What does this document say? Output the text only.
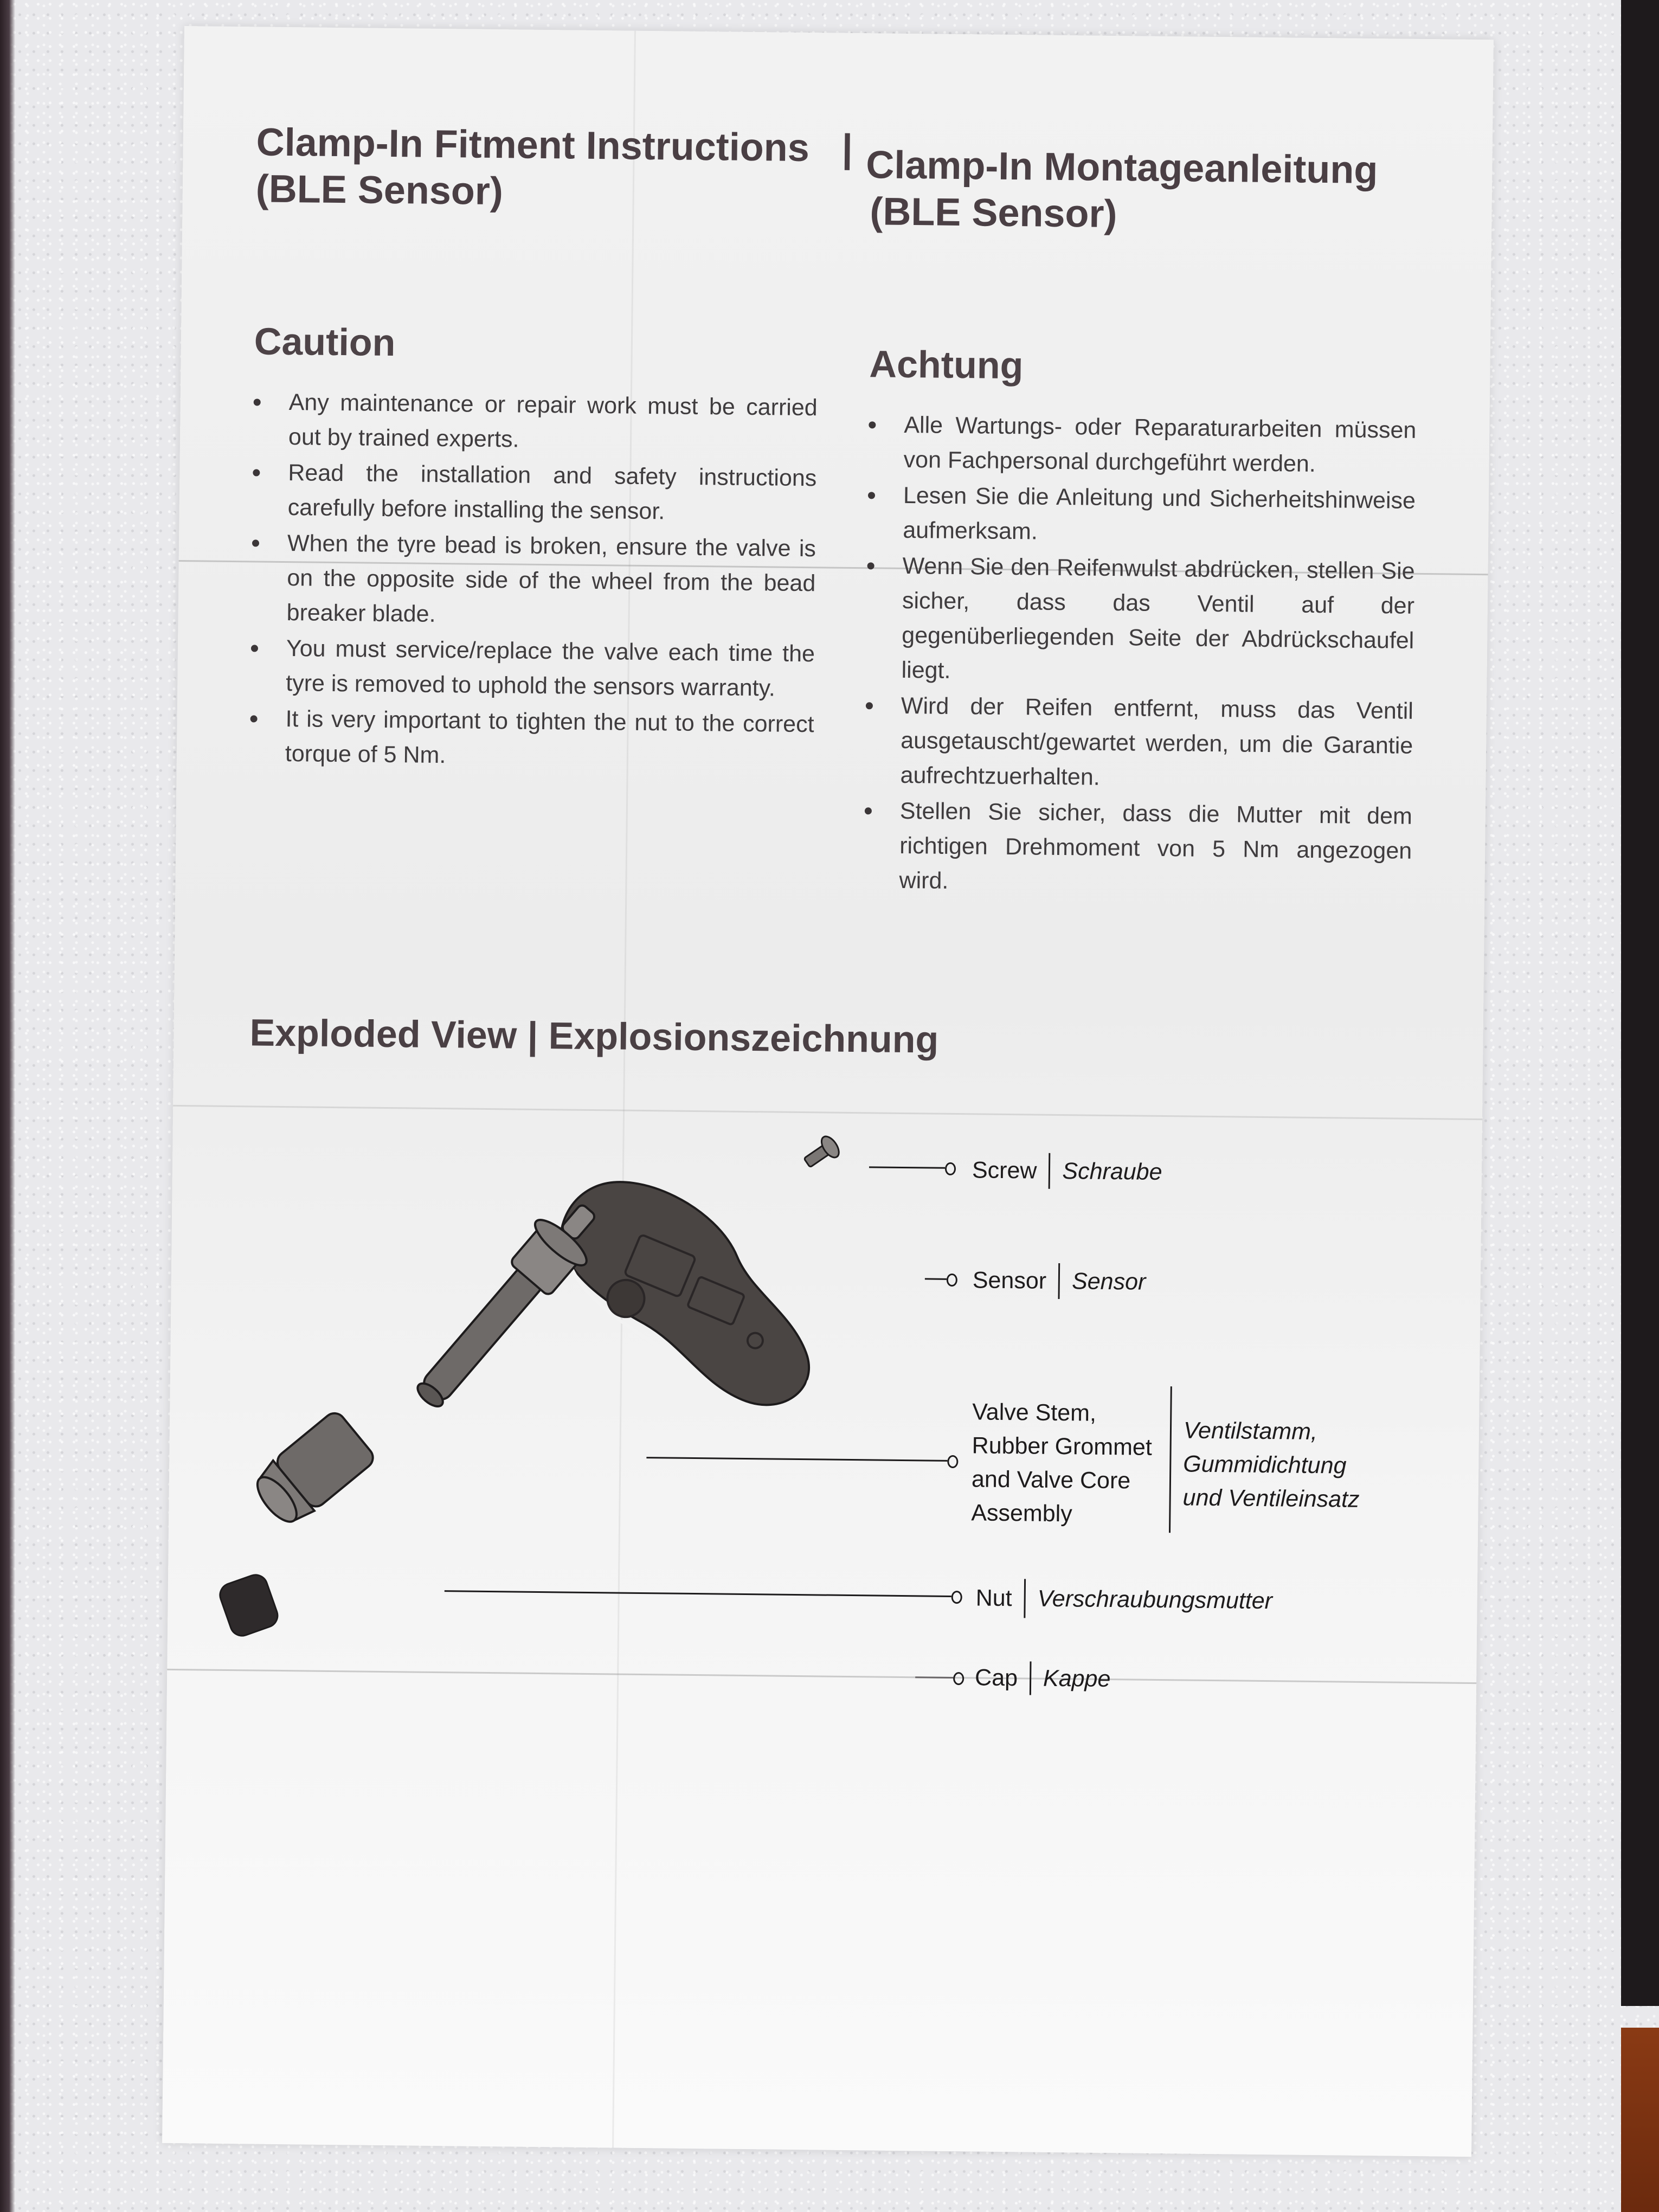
Clamp-In Fitment Instructions
(BLE Sensor)
| Clamp-In Montageanleitung
(BLE Sensor)
Caution
Any maintenance or repair work must be carried out by trained experts.
Read the installation and safety instructions carefully before installing the sensor.
When the tyre bead is broken, ensure the valve is on the opposite side of the wheel from the bead breaker blade.
You must service/replace the valve each time the tyre is removed to uphold the sensors warranty.
It is very important to tighten the nut to the correct torque of 5 Nm.
Achtung
Alle Wartungs- oder Reparaturarbeiten müssen von Fachpersonal durchgeführt werden.
Lesen Sie die Anleitung und Sicherheitshinweise aufmerksam.
Wenn Sie den Reifenwulst abdrücken, stellen Sie sicher, dass das Ventil auf der gegenüberliegenden Seite der Abdrückschaufel liegt.
Wird der Reifen entfernt, muss das Ventil ausgetauscht/gewartet werden, um die Garantie aufrechtzuerhalten.
Stellen Sie sicher, dass die Mutter mit dem richtigen Drehmoment von 5 Nm angezogen wird.
Exploded View | Explosionszeichnung
Screw Schraube
Sensor Sensor
Valve Stem,
Rubber Grommet
and Valve Core
Assembly
Ventilstamm,
Gummidichtung
und Ventileinsatz
Nut Verschraubungsmutter
Cap Kappe
